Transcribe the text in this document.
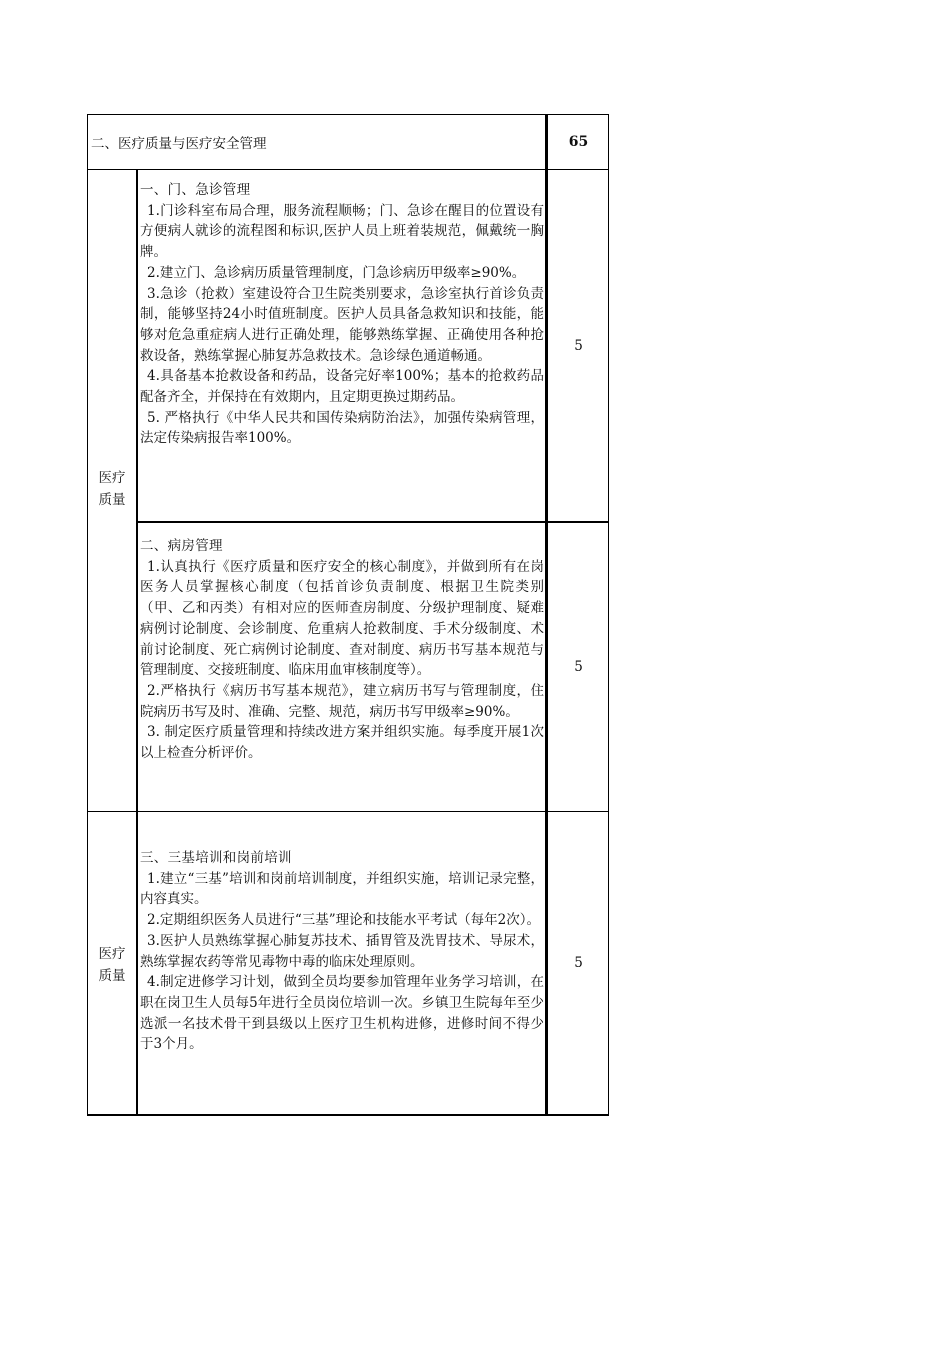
二、医疗质量与医疗安全管理	65
医疗质量
医疗质量

一、门、急诊管理

1.门诊科室布局合理，服务流程顺畅；门、急诊在醒目的位置设有方便病人就诊的流程图和标识,医护人员上班着装规范，佩戴统一胸牌。

2.建立门、急诊病历质量管理制度，门急诊病历甲级率≥90%。

3.急诊（抢救）室建设符合卫生院类别要求，急诊室执行首诊负责制，能够坚持24小时值班制度。医护人员具备急救知识和技能，能够对危急重症病人进行正确处理，能够熟练掌握、正确使用各种抢救设备，熟练掌握心肺复苏急救技术。急诊绿色通道畅通。

4.具备基本抢救设备和药品，设备完好率100%；基本的抢救药品配备齐全，并保持在有效期内，且定期更换过期药品。

5. 严格执行《中华人民共和国传染病防治法》，加强传染病管理，法定传染病报告率100%。

5

二、病房管理

1.认真执行《医疗质量和医疗安全的核心制度》，并做到所有在岗医务人员掌握核心制度（包括首诊负责制度、根据卫生院类别（甲、乙和丙类）有相对应的医师查房制度、分级护理制度、疑难病例讨论制度、会诊制度、危重病人抢救制度、手术分级制度、术前讨论制度、死亡病例讨论制度、查对制度、病历书写基本规范与管理制度、交接班制度、临床用血审核制度等）。

2.严格执行《病历书写基本规范》，建立病历书写与管理制度，住院病历书写及时、准确、完整、规范，病历书写甲级率≥90%。

3. 制定医疗质量管理和持续改进方案并组织实施。每季度开展1次以上检查分析评价。

5

三、三基培训和岗前培训

1.建立“三基”培训和岗前培训制度，并组织实施，培训记录完整，内容真实。

2.定期组织医务人员进行“三基”理论和技能水平考试（每年2次）。

3.医护人员熟练掌握心肺复苏技术、插胃管及洗胃技术、导尿术，熟练掌握农药等常见毒物中毒的临床处理原则。

4.制定进修学习计划，做到全员均要参加管理年业务学习培训，在职在岗卫生人员每5年进行全员岗位培训一次。乡镇卫生院每年至少选派一名技术骨干到县级以上医疗卫生机构进修，进修时间不得少于3个月。

5
